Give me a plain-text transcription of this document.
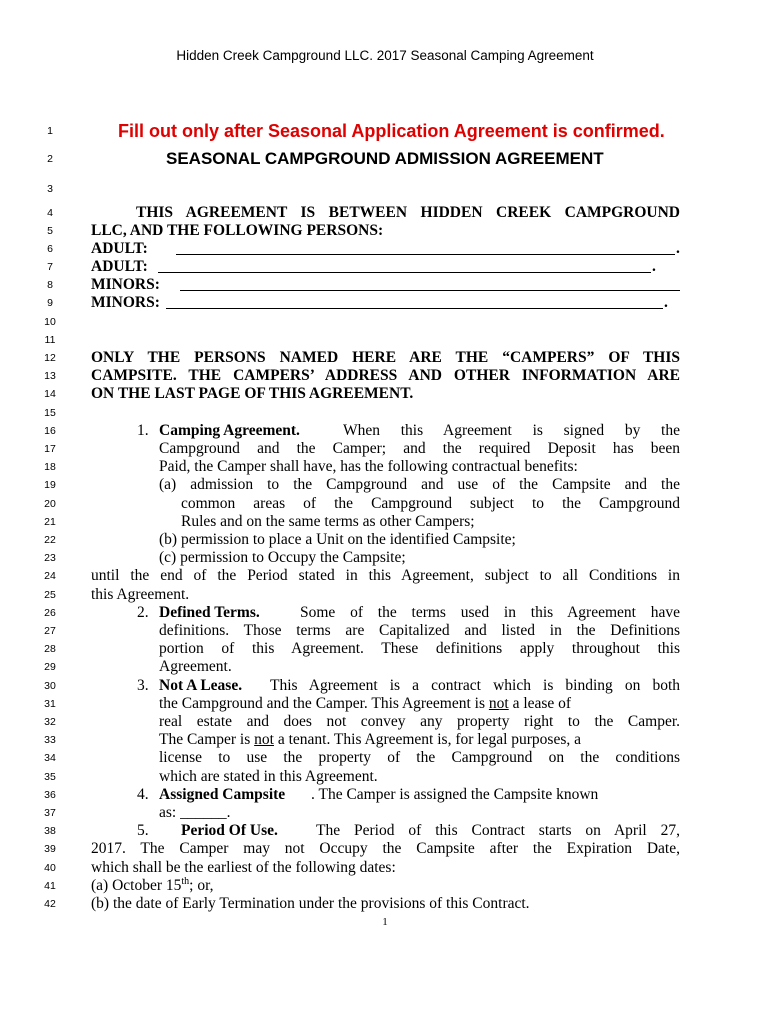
Hidden Creek Campground LLC. 2017 Seasonal Camping Agreement
1
2
3
4
5
6
7
8
9
10
11
12
13
14
15
16
17
18
19
20
21
22
23
24
25
26
27
28
29
30
31
32
33
34
35
36
37
38
39
40
41
42
Fill out only after Seasonal Application Agreement is confirmed.
SEASONAL CAMPGROUND ADMISSION AGREEMENT
THIS AGREEMENT IS BETWEEN HIDDEN CREEK CAMPGROUND
LLC, AND THE FOLLOWING PERSONS:
ADULT:	.
ADULT:	.
MINORS:
MINORS:	.
ONLY THE PERSONS NAMED HERE ARE THE “CAMPERS” OF THIS
CAMPSITE. THE CAMPERS’ ADDRESS AND OTHER INFORMATION ARE
ON THE LAST PAGE OF THIS AGREEMENT.
1. Camping Agreement.	When this Agreement is signed by the
Campground and the Camper; and the required Deposit has been
Paid, the Camper shall have, has the following contractual benefits:
(a) admission to the Campground and use of the Campsite and the
common areas of the Campground subject to the Campground
Rules and on the same terms as other Campers;
(b) permission to place a Unit on the identified Campsite;
(c) permission to Occupy the Campsite;
until the end of the Period stated in this Agreement, subject to all Conditions in
this Agreement.
2. Defined Terms.	Some of the terms used in this Agreement have
definitions. Those terms are Capitalized and listed in the Definitions
portion of this Agreement. These definitions apply throughout this
Agreement.
3. Not A Lease. This Agreement is a contract which is binding on both
the Campground and the Camper. This Agreement is not a lease of
real estate and does not convey any property right to the Camper.
The Camper is not a tenant. This Agreement is, for legal purposes, a
license to use the property of the Campground on the conditions
which are stated in this Agreement.
4. Assigned Campsite . The Camper is assigned the Campsite known
as: ______.
5. Period Of Use. The Period of this Contract starts on April 27,
2017. The Camper may not Occupy the Campsite after the Expiration Date,
which shall be the earliest of the following dates:
(a) October 15th; or,
(b) the date of Early Termination under the provisions of this Contract.
1
